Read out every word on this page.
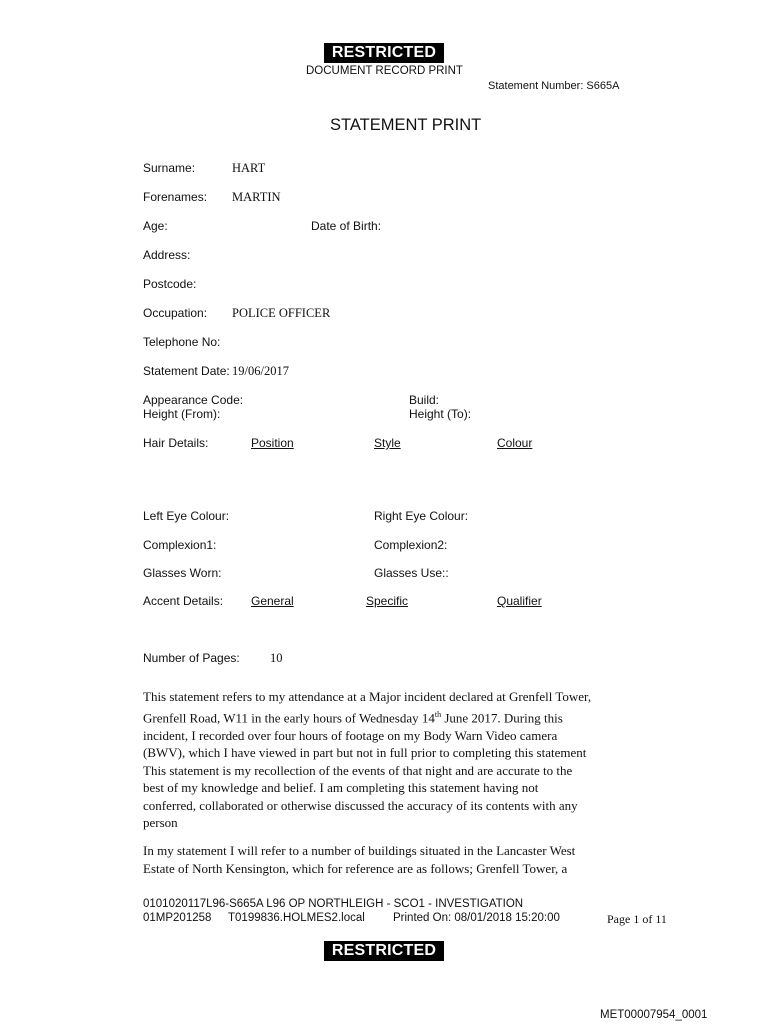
RESTRICTED
DOCUMENT RECORD PRINT
Statement Number: S665A
STATEMENT PRINT
Surname:	HART
Forenames: MARTIN
Age:	Date of Birth:
Address:
Postcode:
Occupation: POLICE OFFICER
Telephone No:
Statement Date: 19/06/2017
Appearance Code:	Build:
Height (From):	Height (To):
Hair Details:	Position	Style	Colour
Left Eye Colour:	Right Eye Colour:
Complexion1:	Complexion2:
Glasses Worn:	Glasses Use::
Accent Details: General	Specific	Qualifier
Number of Pages: 10

This statement refers to my attendance at a Major incident declared at Grenfell Tower,

Grenfell Road, W11 in the early hours of Wednesday 14th June 2017. During this

incident, I recorded over four hours of footage on my Body Warn Video camera

(BWV), which I have viewed in part but not in full prior to completing this statement

This statement is my recollection of the events of that night and are accurate to the

best of my knowledge and belief. I am completing this statement having not

conferred, collaborated or otherwise discussed the accuracy of its contents with any

person

In my statement I will refer to a number of buildings situated in the Lancaster West

Estate of North Kensington, which for reference are as follows; Grenfell Tower, a

0101020117L96-S665A L96 OP NORTHLEIGH - SCO1 - INVESTIGATION
01MP201258 T0199836.HOLMES2.local Printed On: 08/01/2018 15:20:00	Page 1 of 11
RESTRICTED
MET00007954_0001
